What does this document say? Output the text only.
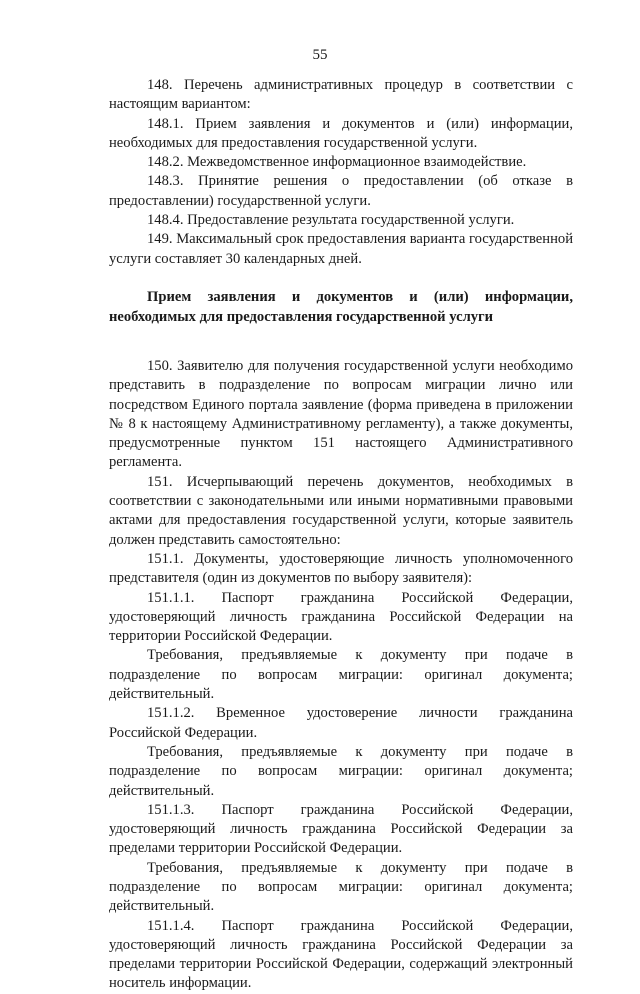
55

148. Перечень административных процедур в соответствии с настоящим вариантом:

148.1. Прием заявления и документов и (или) информации, необходимых для предоставления государственной услуги.

148.2. Межведомственное информационное взаимодействие.

148.3. Принятие решения о предоставлении (об отказе в предоставлении) государственной услуги.

148.4. Предоставление результата государственной услуги.

149. Максимальный срок предоставления варианта государственной услуги составляет 30 календарных дней.

Прием заявления и документов и (или) информации, необходимых для предоставления государственной услуги

150. Заявителю для получения государственной услуги необходимо представить в подразделение по вопросам миграции лично или посредством Единого портала заявление (форма приведена в приложении № 8 к настоящему Административному регламенту), а также документы, предусмотренные пунктом 151 настоящего Административного регламента.

151. Исчерпывающий перечень документов, необходимых в соответствии с законодательными или иными нормативными правовыми актами для предоставления государственной услуги, которые заявитель должен представить самостоятельно:

151.1. Документы, удостоверяющие личность уполномоченного представителя (один из документов по выбору заявителя):

151.1.1. Паспорт гражданина Российской Федерации, удостоверяющий личность гражданина Российской Федерации на территории Российской Федерации.

Требования, предъявляемые к документу при подаче в подразделение по вопросам миграции: оригинал документа; действительный.

151.1.2. Временное удостоверение личности гражданина Российской Федерации.

Требования, предъявляемые к документу при подаче в подразделение по вопросам миграции: оригинал документа; действительный.

151.1.3. Паспорт гражданина Российской Федерации, удостоверяющий личность гражданина Российской Федерации за пределами территории Российской Федерации.

Требования, предъявляемые к документу при подаче в подразделение по вопросам миграции: оригинал документа; действительный.

151.1.4. Паспорт гражданина Российской Федерации, удостоверяющий личность гражданина Российской Федерации за пределами территории Российской Федерации, содержащий электронный носитель информации.
